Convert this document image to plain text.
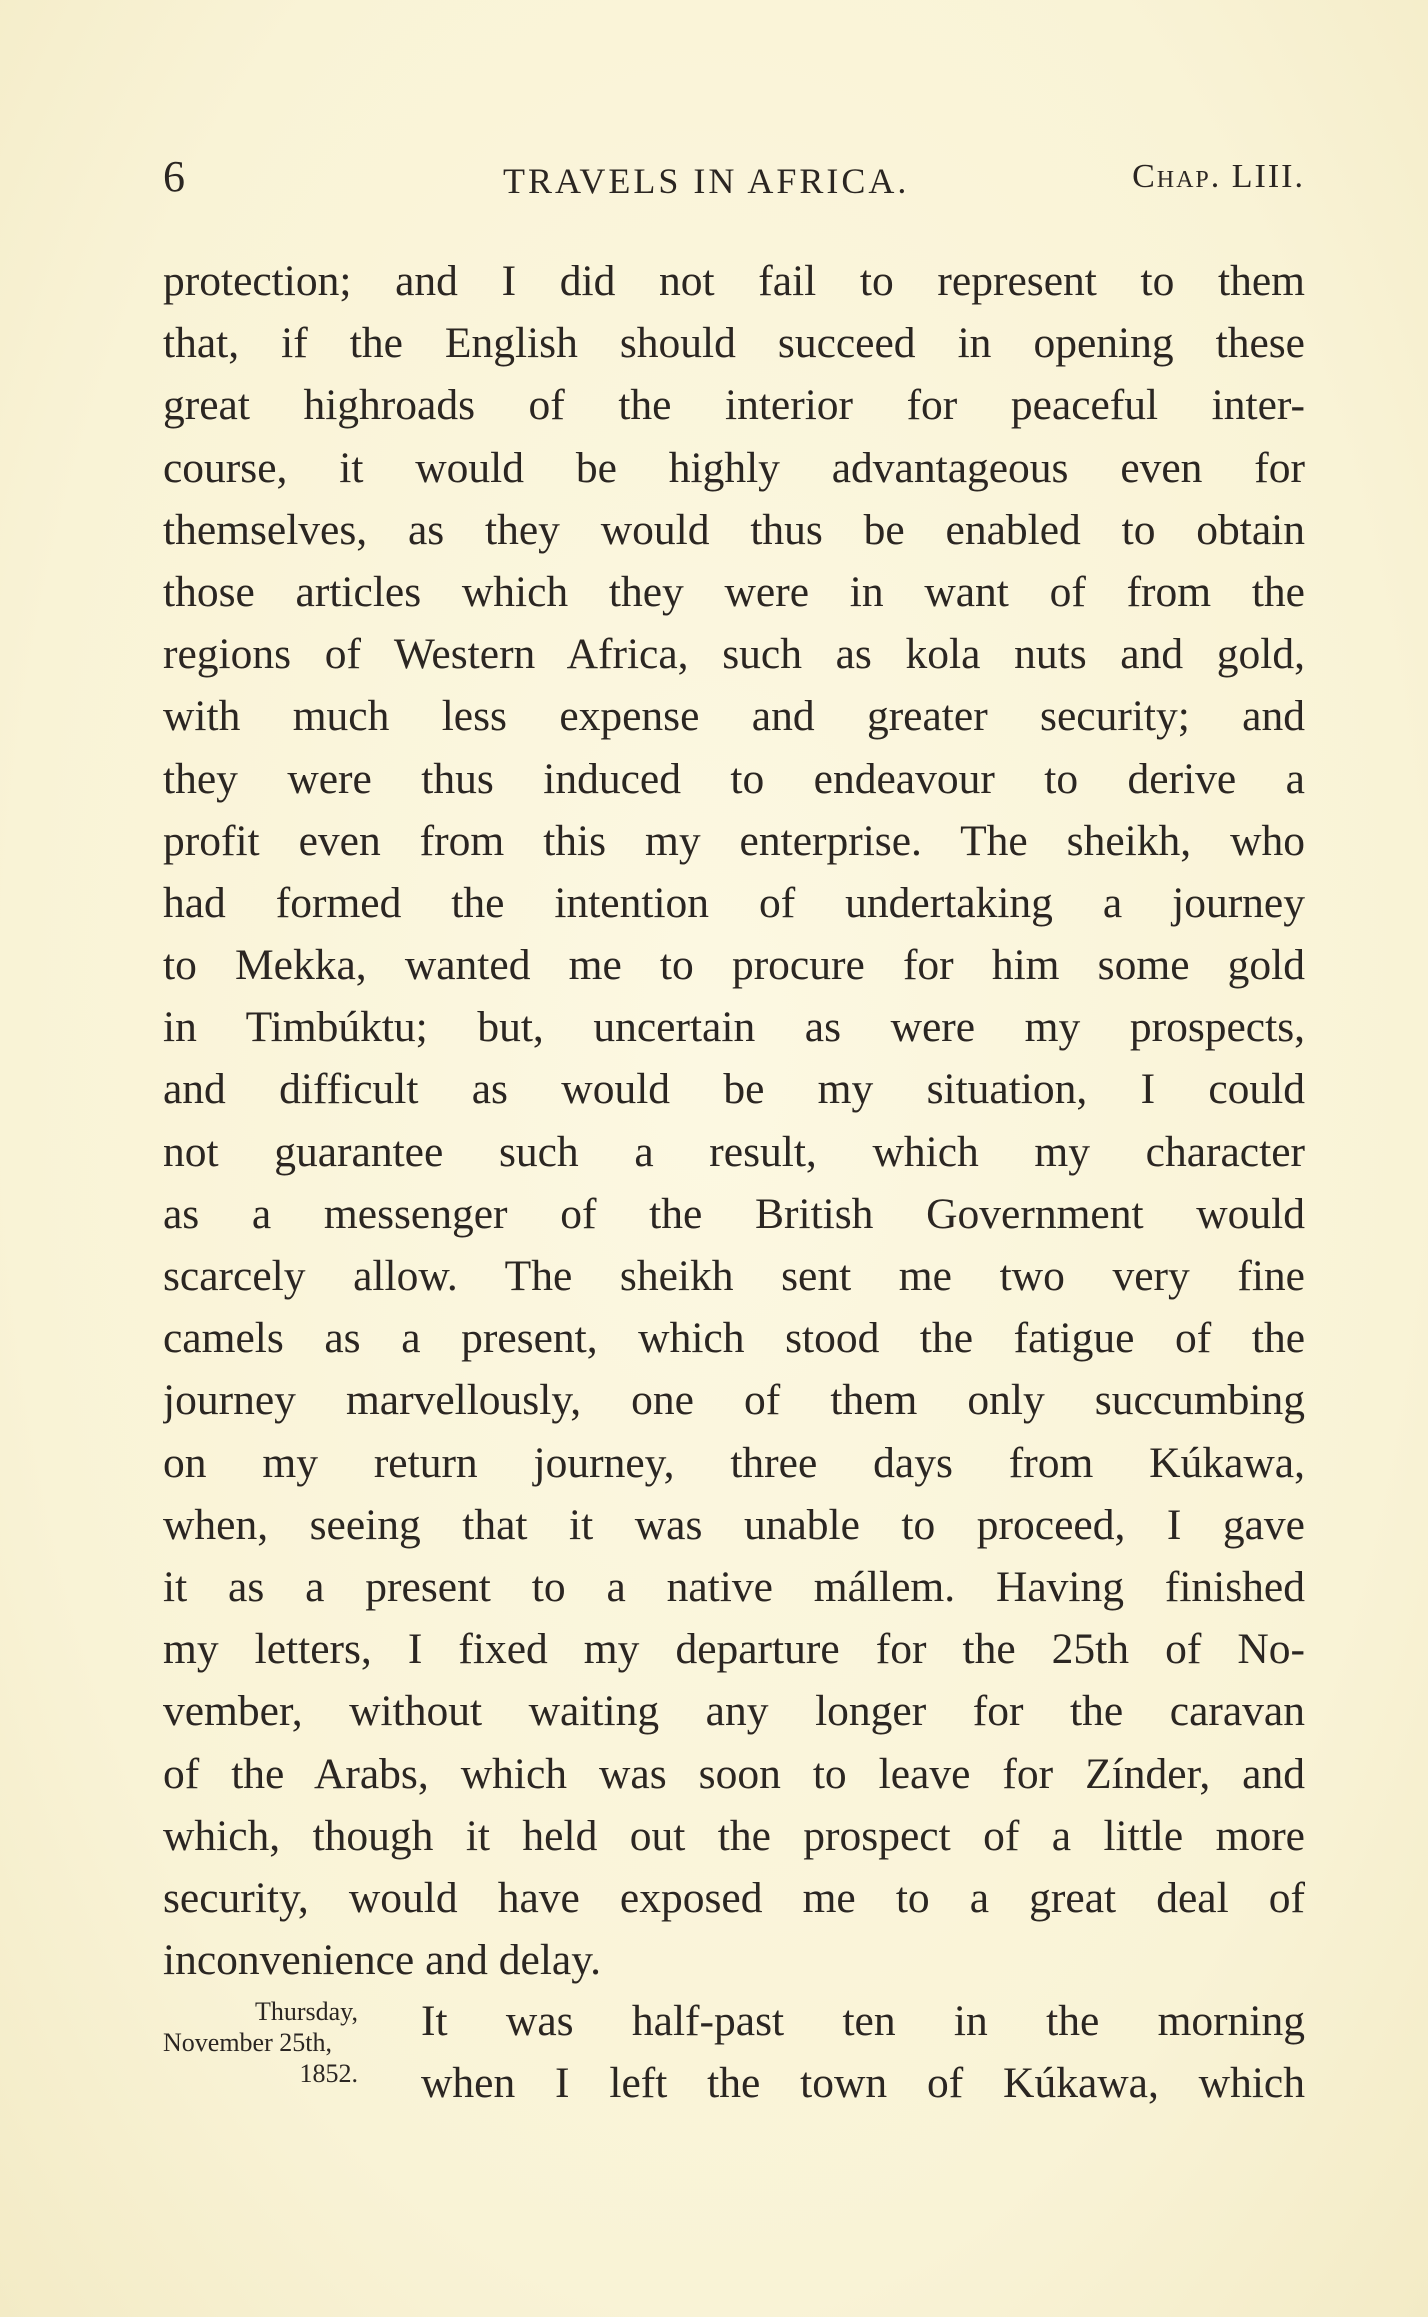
6	TRAVELS IN AFRICA.	Chap. LIII.
protection; and I did not fail to represent to them
that, if the English should succeed in opening these
great highroads of the interior for peaceful inter-
course, it would be highly advantageous even for
themselves, as they would thus be enabled to obtain
those articles which they were in want of from the
regions of Western Africa, such as kola nuts and gold,
with much less expense and greater security; and
they were thus induced to endeavour to derive a
profit even from this my enterprise. The sheikh, who
had formed the intention of undertaking a journey
to Mekka, wanted me to procure for him some gold
in Timbúktu; but, uncertain as were my prospects,
and difficult as would be my situation, I could
not guarantee such a result, which my character
as a messenger of the British Government would
scarcely allow. The sheikh sent me two very fine
camels as a present, which stood the fatigue of the
journey marvellously, one of them only succumbing
on my return journey, three days from Kúkawa,
when, seeing that it was unable to proceed, I gave
it as a present to a native mállem. Having finished
my letters, I fixed my departure for the 25th of No-
vember, without waiting any longer for the caravan
of the Arabs, which was soon to leave for Zínder, and
which, though it held out the prospect of a little more
security, would have exposed me to a great deal of
inconvenience and delay.
Thursday,
November 25th,
1852.
It was half-past ten in the morning
when I left the town of Kúkawa, which
